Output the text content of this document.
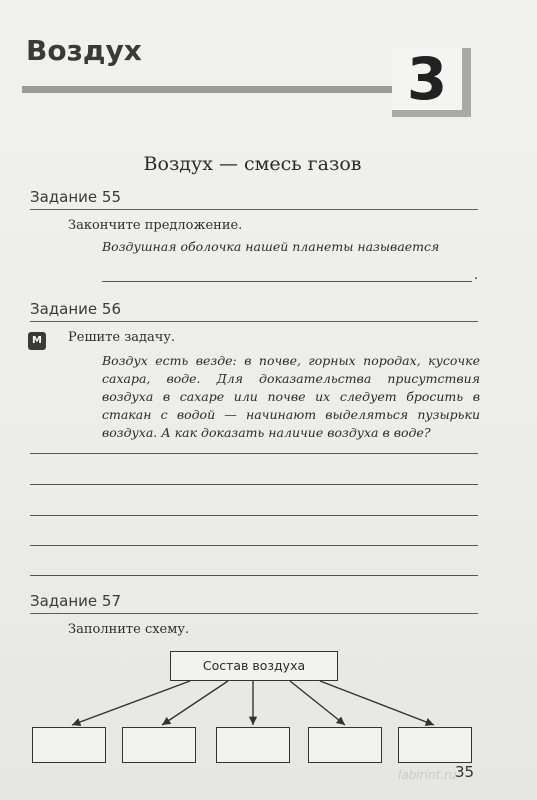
Воздух	3
Воздух — смесь газов
Задание 55
Закончите предложение.
Воздушная оболочка нашей планеты называется
.
Задание 56
M	Решите задачу.
Воздух есть везде: в почве, горных породах, кусочке сахара, воде. Для доказательства присутствия воздуха в сахаре или почве их следует бросить в стакан с водой — начинают выделяться пузырьки воздуха. А как доказать наличие воздуха в воде?
Задание 57
Заполните схему.
Состав воздуха
labirint.ru
35
